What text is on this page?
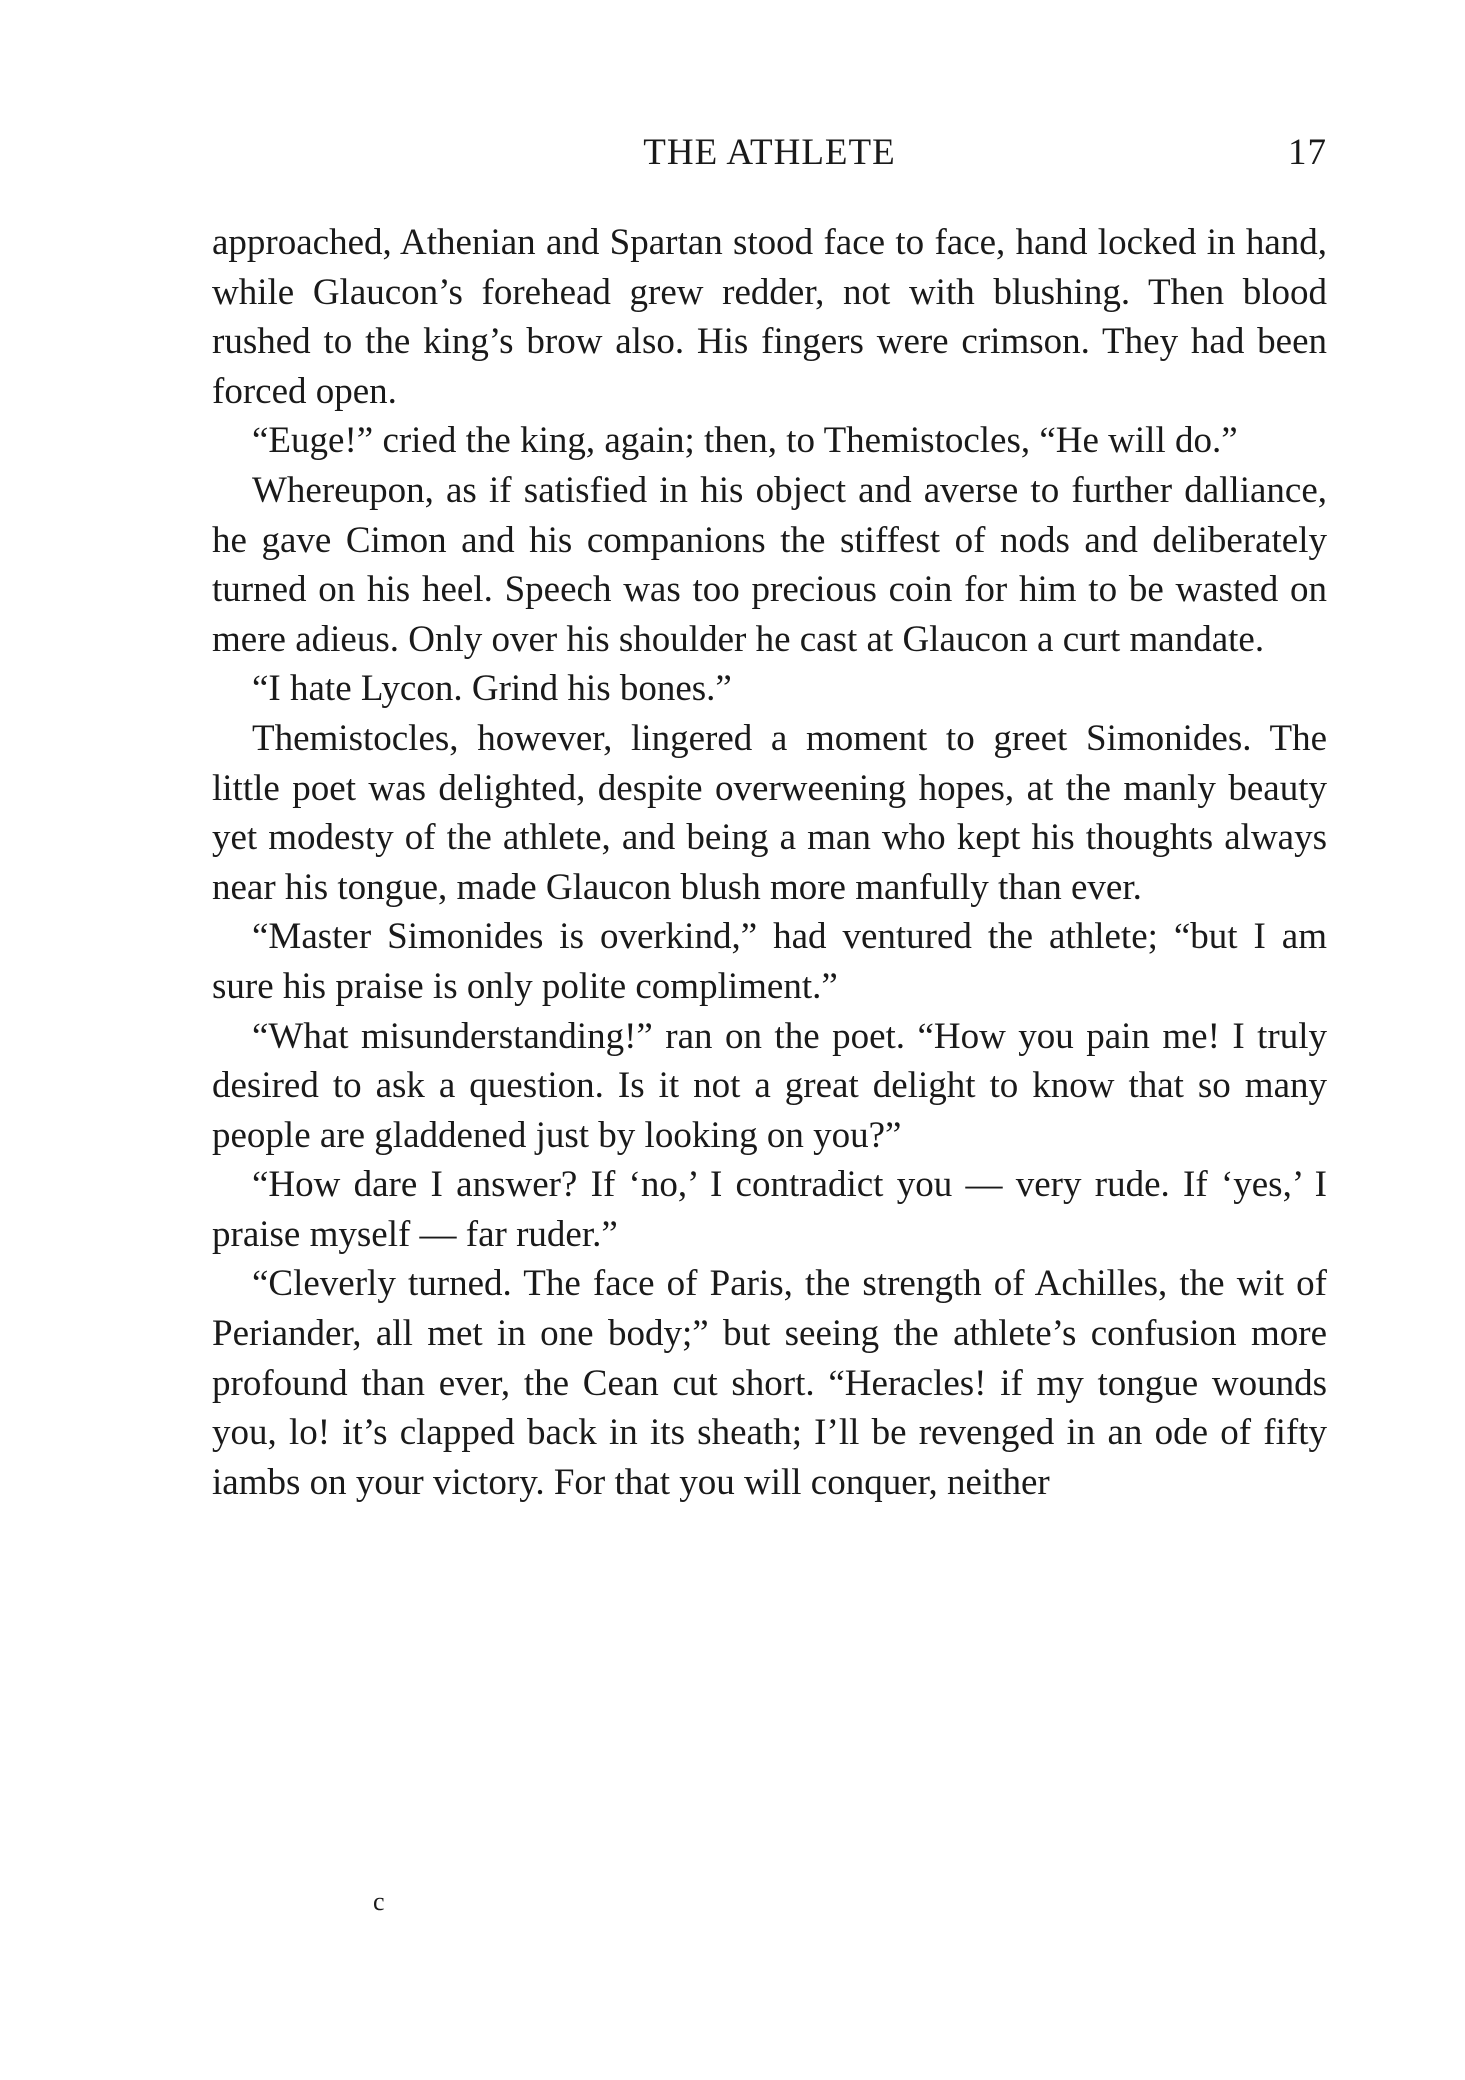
THE ATHLETE	17

approached, Athenian and Spartan stood face to face, hand locked in hand, while Glaucon’s forehead grew redder, not with blushing. Then blood rushed to the king’s brow also. His fingers were crimson. They had been forced open.

“Euge!” cried the king, again; then, to Themistocles, “He will do.”

Whereupon, as if satisfied in his object and averse to further dalliance, he gave Cimon and his companions the stiffest of nods and deliberately turned on his heel. Speech was too precious coin for him to be wasted on mere adieus. Only over his shoulder he cast at Glaucon a curt mandate.

“I hate Lycon. Grind his bones.”

Themistocles, however, lingered a moment to greet Simonides. The little poet was delighted, despite overweening hopes, at the manly beauty yet modesty of the athlete, and being a man who kept his thoughts always near his tongue, made Glaucon blush more manfully than ever.

“Master Simonides is overkind,” had ventured the athlete; “but I am sure his praise is only polite compliment.”

“What misunderstanding!” ran on the poet. “How you pain me! I truly desired to ask a question. Is it not a great delight to know that so many people are gladdened just by looking on you?”

“How dare I answer? If ‘no,’ I contradict you — very rude. If ‘yes,’ I praise myself — far ruder.”

“Cleverly turned. The face of Paris, the strength of Achilles, the wit of Periander, all met in one body;” but seeing the athlete’s confusion more profound than ever, the Cean cut short. “Heracles! if my tongue wounds you, lo! it’s clapped back in its sheath; I’ll be revenged in an ode of fifty iambs on your victory. For that you will conquer, neither

c
